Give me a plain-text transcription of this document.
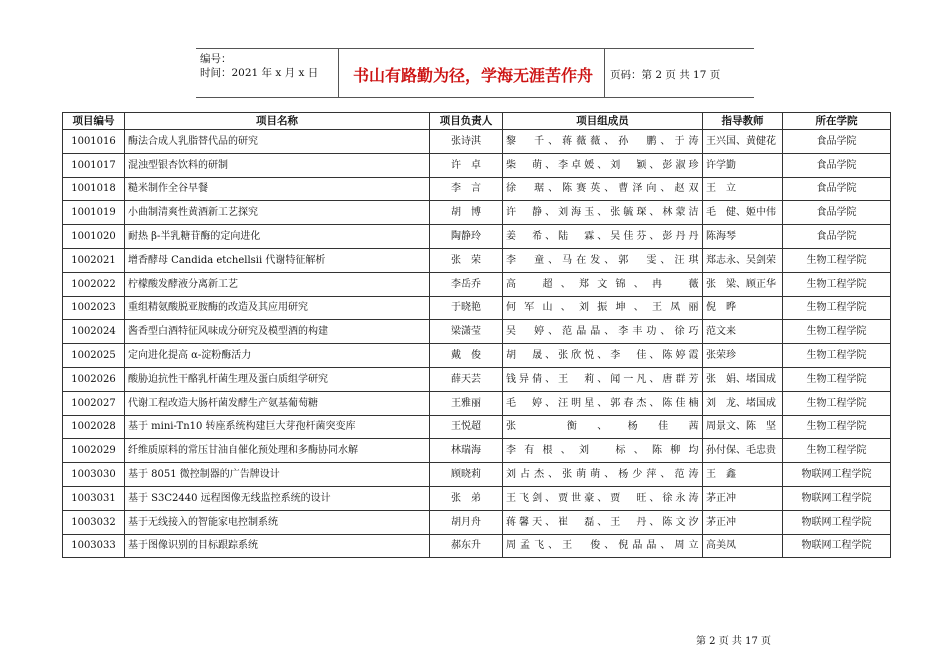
编号：
时间：2021 年 x 月 x 日	书山有路勤为径，学海无涯苦作舟	页码：第 2 页 共 17 页
项目编号	项目名称	项目负责人	项目组成员	指导教师	所在学院
1001016	酶法合成人乳脂替代品的研究	张诗淇	黎　千、蒋薇薇、孙　鹏、于涛	王兴国、黄健花	食品学院
1001017	混浊型银杏饮料的研制	许　卓	柴　萌、李卓媛、刘　颖、彭淑珍	许学勤	食品学院
1001018	糙米制作全谷早餐	李　言	徐　琚、陈赛英、曹泽向、赵双	王　立	食品学院
1001019	小曲制清爽性黄酒新工艺探究	胡　博	许　静、刘海玉、张毓琛、林蒙洁	毛　健、姬中伟	食品学院
1001020	耐热 β-半乳糖苷酶的定向进化	陶静玲	姜　希、陆　霖、吴佳芬、彭丹丹	陈海琴	食品学院
1002021	增香酵母 Candida etchellsii 代谢特征解析	张　荣	李　童、马在发、郭　雯、汪琪	郑志永、吴剑荣	生物工程学院
1002022	柠檬酸发酵液分离新工艺	李岳乔	高　超、郑文锦、冉　薇	张　梁、顾正华	生物工程学院
1002023	重组精氨酸脱亚胺酶的改造及其应用研究	于晓艳	何军山、刘振坤、王凤丽	倪　晔	生物工程学院
1002024	酱香型白酒特征风味成分研究及模型酒的构建	梁潇莹	吴　婷、范晶晶、李丰功、徐巧	范文来	生物工程学院
1002025	定向进化提高 α-淀粉酶活力	戴　俊	胡　晟、张欣悦、李　佳、陈婷霞	张荣珍	生物工程学院
1002026	酸胁迫抗性干酪乳杆菌生理及蛋白质组学研究	薛天芸	钱异倩、王　莉、闻一凡、唐群芳	张　娟、堵国成	生物工程学院
1002027	代谢工程改造大肠杆菌发酵生产氨基葡萄糖	王雅丽	毛　婷、汪明星、郭春杰、陈佳楠	刘　龙、堵国成	生物工程学院
1002028	基于 mini-Tn10 转座系统构建巨大芽孢杆菌突变库	王悦超	张　衡、杨佳茜	周景文、陈　坚	生物工程学院
1002029	纤维质原料的常压甘油自催化预处理和多酶协同水解	林瑞海	李有根、刘　标、陈柳均	孙付保、毛忠贵	生物工程学院
1003030	基于 8051 微控制器的广告牌设计	顾晓莉	刘占杰、张萌萌、杨少萍、范涛	王　鑫	物联网工程学院
1003031	基于 S3C2440 远程图像无线监控系统的设计	张　弟	王飞剑、贾世豪、贾　旺、徐永涛	茅正冲	物联网工程学院
1003032	基于无线接入的智能家电控制系统	胡月舟	蒋馨天、崔　磊、王　丹、陈文汐	茅正冲	物联网工程学院
1003033	基于图像识别的目标跟踪系统	郝东升	周孟飞、王　俊、倪晶晶、周立	高美凤	物联网工程学院
第 2 页 共 17 页
